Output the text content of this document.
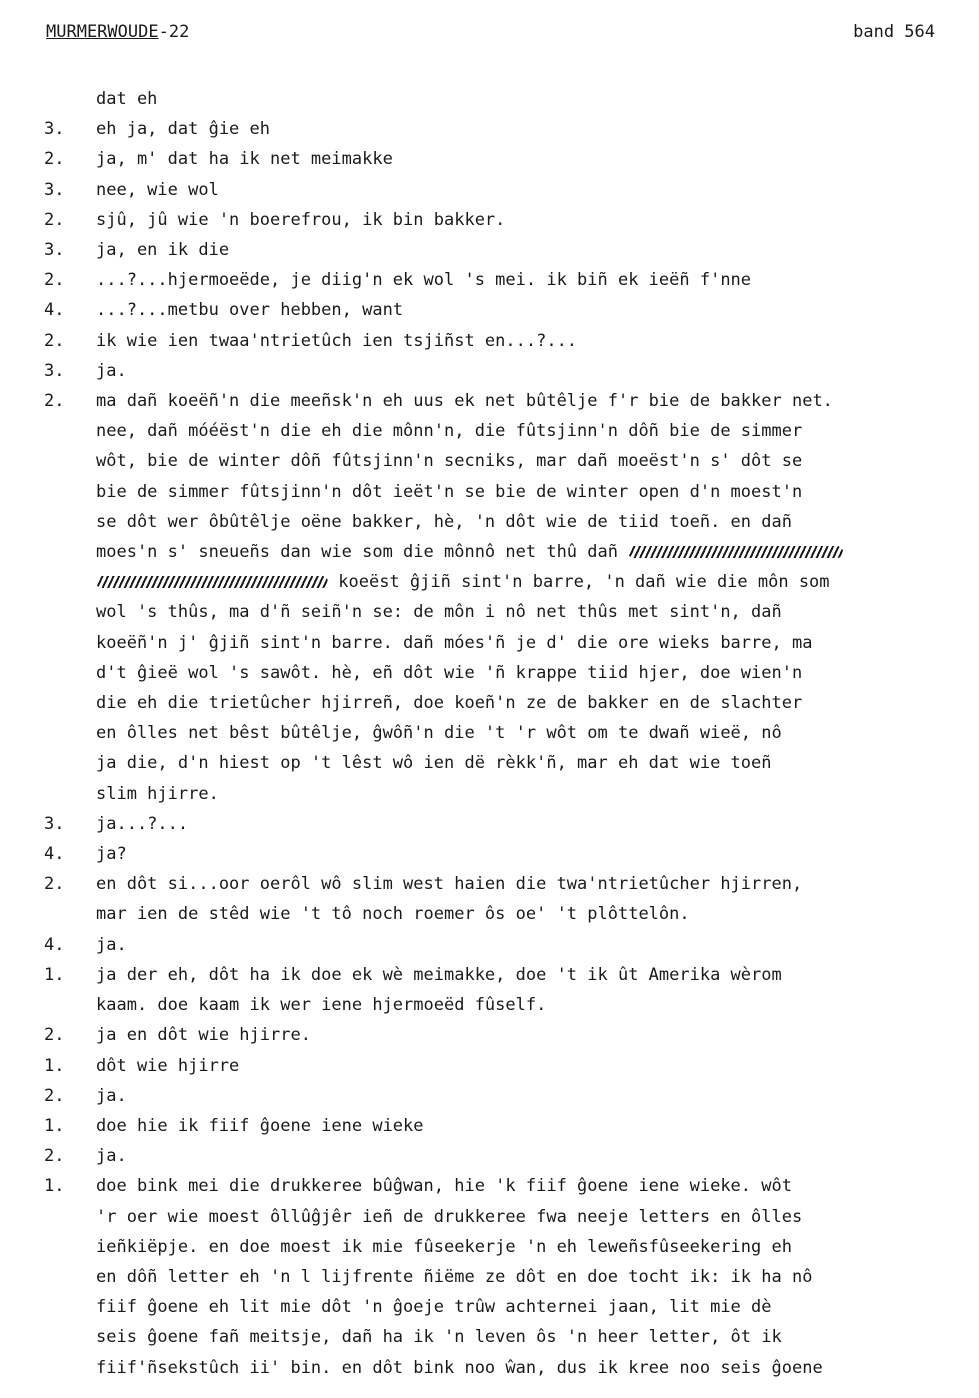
MURMERWOUDE-22	band 564
dat eh
3.	eh ja, dat ĝie eh
2.	ja, m' dat ha ik net meimakke
3.	nee, wie wol
2.	sjû, jû wie 'n boerefrou, ik bin bakker.
3.	ja, en ik die
2.	...?...hjermoeëde, je diig'n ek wol 's mei. ik biñ ek ieëñ f'nne
4.	...?...metbu over hebben, want
2.	ik wie ien twaa'ntrietûch ien tsjiñst en...?...
3.	ja.
2.	ma dañ koeëñ'n die meeñsk'n eh uus ek net bûtêlje f'r bie de bakker net.
nee, dañ móéëst'n die eh die mônn'n, die fûtsjinn'n dôñ bie de simmer
wôt, bie de winter dôñ fûtsjinn'n secniks, mar dañ moeëst'n s' dôt se
bie de simmer fûtsjinn'n dôt ieët'n se bie de winter open d'n moest'n
se dôt wer ôbûtêlje oëne bakker, hè, 'n dôt wie de tiid toeñ. en dañ
moes'n s' sneueñs dan wie som die mônnô net thû dañ
koeëst ĝjiñ sint'n barre, 'n dañ wie die môn som
wol 's thûs, ma d'ñ seiñ'n se: de môn i nô net thûs met sint'n, dañ
koeëñ'n j' ĝjiñ sint'n barre. dañ móes'ñ je d' die ore wieks barre, ma
d't ĝieë wol 's sawôt. hè, eñ dôt wie 'ñ krappe tiid hjer, doe wien'n
die eh die trietûcher hjirreñ, doe koeñ'n ze de bakker en de slachter
en ôlles net bêst bûtêlje, ĝwôñ'n die 't 'r wôt om te dwañ wieë, nô
ja die, d'n hiest op 't lêst wô ien dë rèkk'ñ, mar eh dat wie toeñ
slim hjirre.
3.	ja...?...
4.	ja?
2.	en dôt si...oor oerôl wô slim west haien die twa'ntrietûcher hjirren,
mar ien de stêd wie 't tô noch roemer ôs oe' 't plôttelôn.
4.	ja.
1.	ja der eh, dôt ha ik doe ek wè meimakke, doe 't ik ût Amerika wèrom
kaam. doe kaam ik wer iene hjermoeëd fûself.
2.	ja en dôt wie hjirre.
1.	dôt wie hjirre
2.	ja.
1.	doe hie ik fiif ĝoene iene wieke
2.	ja.
1.	doe bink mei die drukkeree bûĝwan, hie 'k fiif ĝoene iene wieke. wôt
'r oer wie moest ôllûĝjêr ieñ de drukkeree fwa neeje letters en ôlles
ieñkiëpje. en doe moest ik mie fûseekerje 'n eh leweñsfûseekering eh
en dôñ letter eh 'n l lijfrente ñiëme ze dôt en doe tocht ik: ik ha nô
fiif ĝoene eh lit mie dôt 'n ĝoeje trûw achternei jaan, lit mie dè
seis ĝoene fañ meitsje, dañ ha ik 'n leven ôs 'n heer letter, ôt ik
fiif'ñsekstûch ii' bin. en dôt bink noo ŵan, dus ik kree noo seis ĝoene
